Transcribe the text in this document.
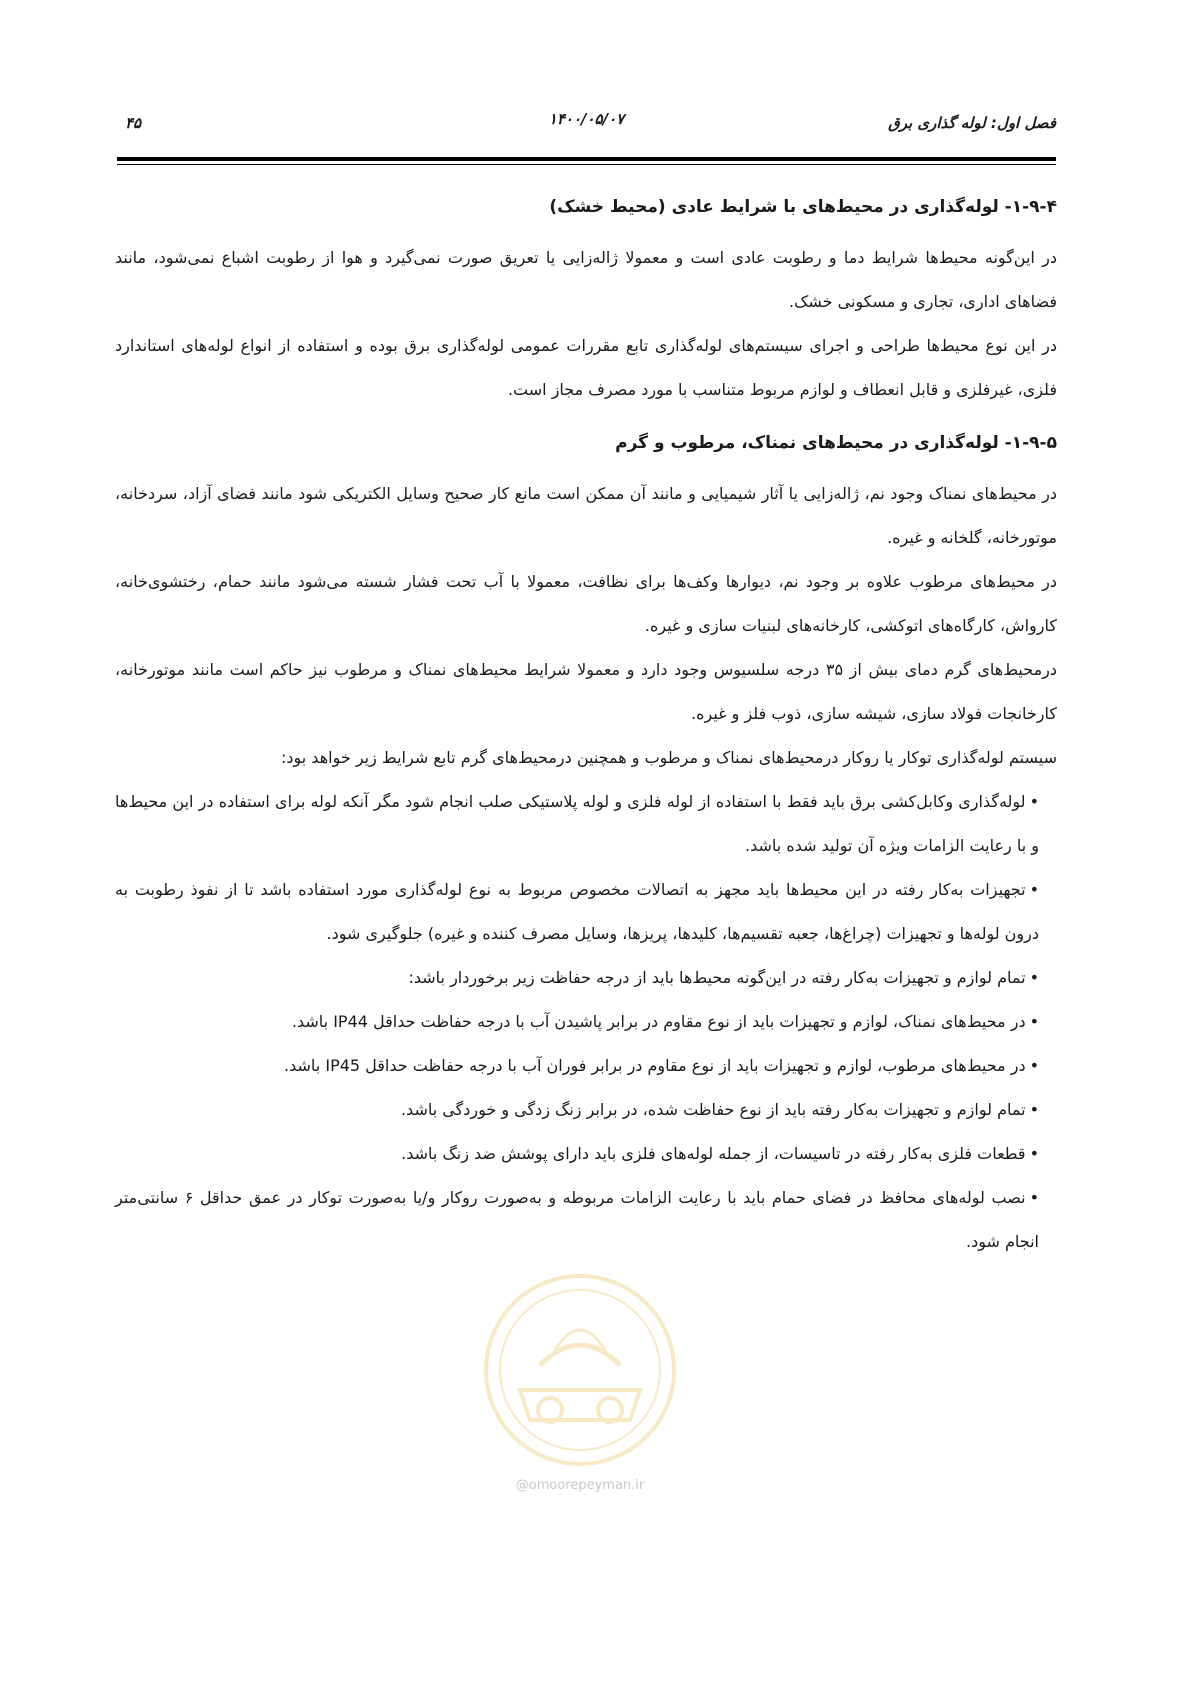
فصل اول: لوله گذاری برق
۱۴۰۰/۰۵/۰۷
۴۵
۱-۹-۴- لوله‌گذاری در محیط‌های با شرایط عادی (محیط خشک)

در این‌گونه محیط‌ها شرایط دما و رطوبت عادی است و معمولا ژاله‌زایی یا تعریق صورت نمی‌گیرد و هوا از رطوبت اشباع نمی‌شود، مانند فضاهای اداری، تجاری و مسکونی خشک.

در این نوع محیط‌ها طراحی و اجرای سیستم‌های لوله‌گذاری تابع مقررات عمومی لوله‌گذاری برق بوده و استفاده از انواع لوله‌های استاندارد فلزی، غیرفلزی و قابل انعطاف و لوازم مربوط متناسب با مورد مصرف مجاز است.

۱-۹-۵- لوله‌گذاری در محیط‌های نمناک، مرطوب و گرم

در محیط‌های نمناک وجود نم، ژاله‌زایی یا آثار شیمیایی و مانند آن ممکن است مانع کار صحیح وسایل الکتریکی شود مانند فضای آزاد، سردخانه، موتورخانه، گلخانه و غیره.

در محیط‌های مرطوب علاوه بر وجود نم، دیوارها وکف‌ها برای نظافت، معمولا با آب تحت فشار شسته می‌شود مانند حمام، رختشوی‌خانه، کارواش، کارگاه‌های اتوکشی، کارخانه‌های لبنیات سازی و غیره.

درمحیط‌های گرم دمای بیش از ۳۵ درجه سلسیوس وجود دارد و معمولا شرایط محیط‌های نمناک و مرطوب نیز حاکم است مانند موتورخانه، کارخانجات فولاد سازی، شیشه سازی، ذوب فلز و غیره.

سیستم لوله‌گذاری توکار یا روکار درمحیط‌های نمناک و مرطوب و همچنین درمحیط‌های گرم تابع شرایط زیر خواهد بود:

•لوله‌گذاری وکابل‌کشی برق باید فقط با استفاده از لوله فلزی و لوله پلاستیکی صلب انجام شود مگر آنکه لوله برای استفاده در این محیط‌ها و با رعایت الزامات ویژه آن تولید شده باشد.
•تجهیزات به‌کار رفته در این محیط‌ها باید مجهز به اتصالات مخصوص مربوط به نوع لوله‌گذاری مورد استفاده باشد تا از نفوذ رطوبت به درون لوله‌ها و تجهیزات (چراغ‌ها، جعبه تقسیم‌ها، کلیدها، پریزها، وسایل مصرف کننده و غیره) جلوگیری شود.
•تمام لوازم و تجهیزات به‌کار رفته در این‌گونه محیط‌ها باید از درجه حفاظت زیر برخوردار باشد:
•در محیط‌های نمناک، لوازم و تجهیزات باید از نوع مقاوم در برابر پاشیدن آب با درجه حفاظت حداقل IP44 باشد.
•در محیط‌های مرطوب، لوازم و تجهیزات باید از نوع مقاوم در برابر فوران آب با درجه حفاظت حداقل IP45 باشد.
•تمام لوازم و تجهیزات به‌کار رفته باید از نوع حفاظت شده، در برابر زنگ زدگی و خوردگی باشد.
•قطعات فلزی به‌کار رفته در تاسیسات، از جمله لوله‌های فلزی باید دارای پوشش ضد زنگ باشد.
•نصب لوله‌های محافظ در فضای حمام باید با رعایت الزامات مربوطه و به‌صورت روکار و/یا به‌صورت توکار در عمق حداقل ۶ سانتی‌متر انجام شود.
@omoorepeyman.ir
